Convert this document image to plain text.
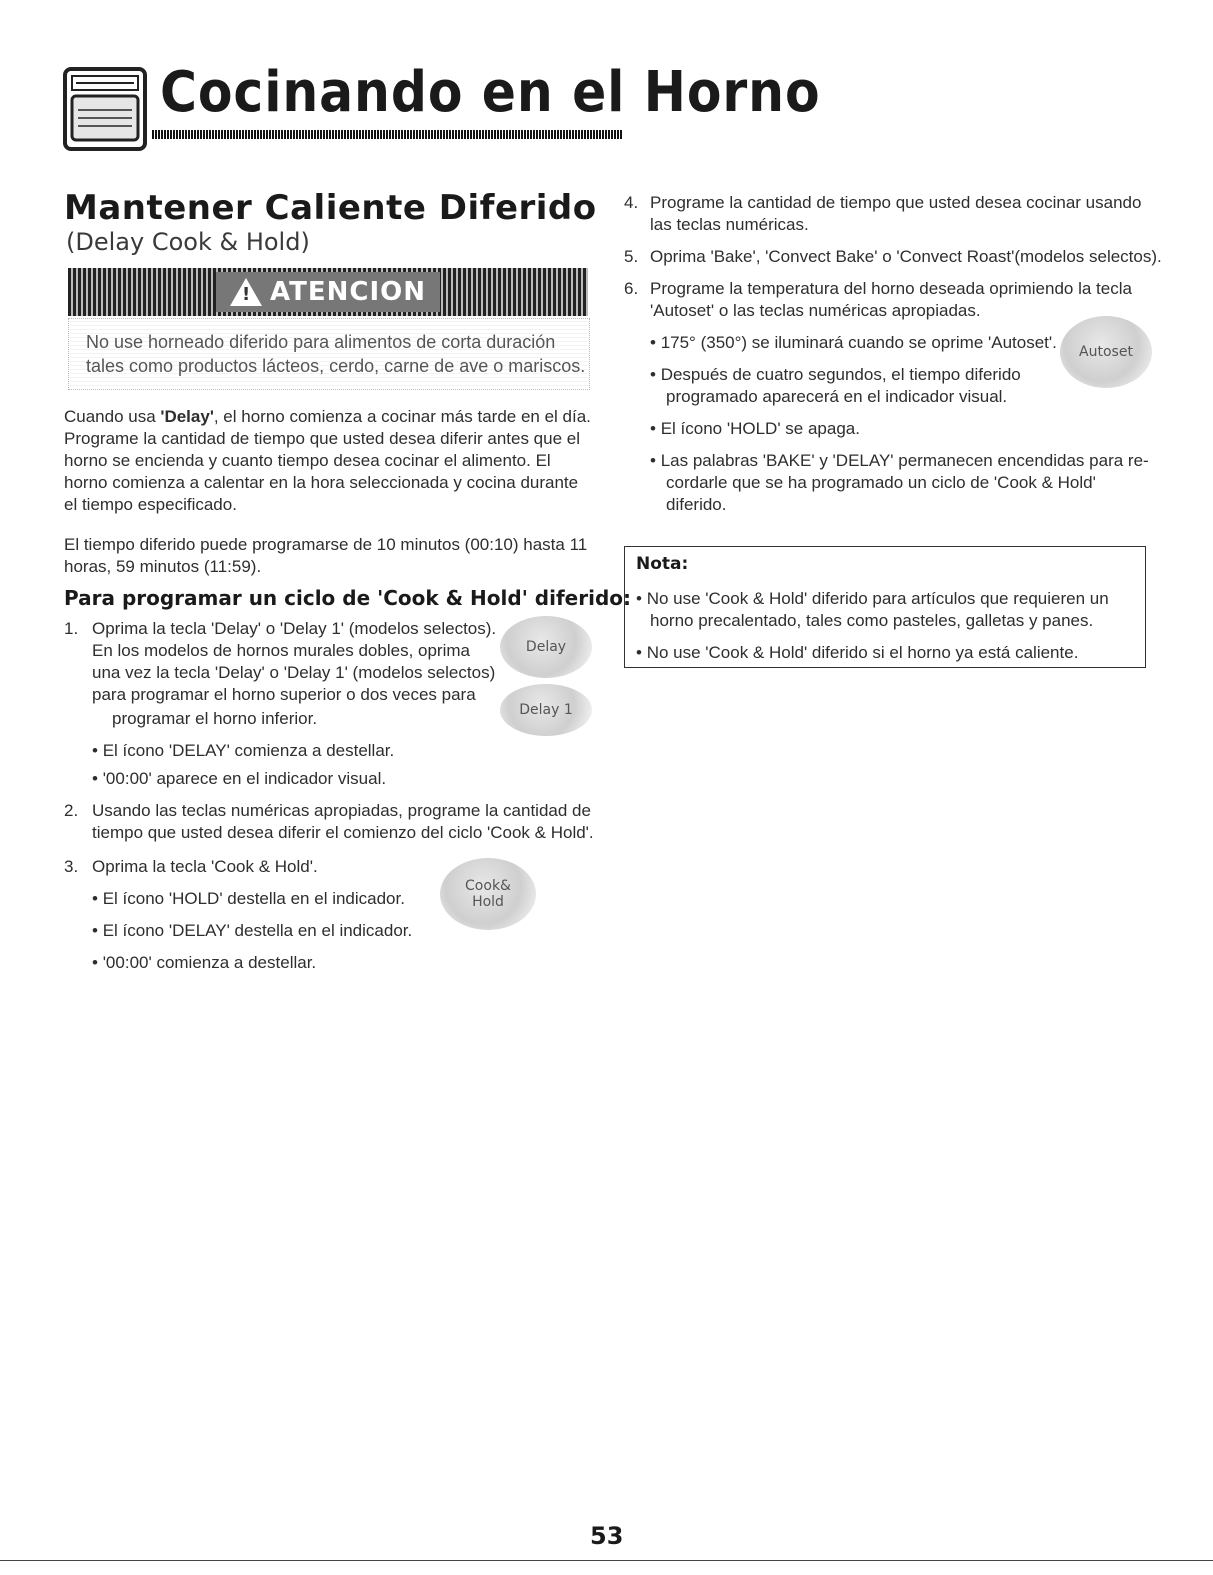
Cocinando en el Horno
Mantener Caliente Diferido
(Delay Cook & Hold)
! ATENCION
No use horneado diferido para alimentos de corta duración tales como productos lácteos, cerdo, carne de ave o mariscos.
Cuando usa 'Delay', el horno comienza a cocinar más tarde en el día. Programe la cantidad de tiempo que usted desea diferir antes que el horno se encienda y cuanto tiempo desea cocinar el alimento. El horno comienza a calentar en la hora seleccionada y cocina durante el tiempo especificado.
El tiempo diferido puede programarse de 10 minutos (00:10) hasta 11 horas, 59 minutos (11:59).
Para programar un ciclo de 'Cook & Hold' diferido:
1. Oprima la tecla 'Delay' o 'Delay 1' (modelos selectos).
En los modelos de hornos murales dobles, oprima
una vez la tecla 'Delay' o 'Delay 1' (modelos selectos)
para programar el horno superior o dos veces para
programar el horno inferior.
• El ícono 'DELAY' comienza a destellar.
• '00:00' aparece en el indicador visual.
Delay
Delay 1
2. Usando las teclas numéricas apropiadas, programe la cantidad de
tiempo que usted desea diferir el comienzo del ciclo 'Cook & Hold'.
3. Oprima la tecla 'Cook & Hold'.
• El ícono 'HOLD' destella en el indicador.
• El ícono 'DELAY' destella en el indicador.
• '00:00' comienza a destellar.
Cook&
Hold
4. Programe la cantidad de tiempo que usted desea cocinar usando
las teclas numéricas.
5. Oprima 'Bake', 'Convect Bake' o 'Convect Roast'(modelos selectos).
6. Programe la temperatura del horno deseada oprimiendo la tecla
'Autoset' o las teclas numéricas apropiadas.
• 175° (350°) se iluminará cuando se oprime 'Autoset'.
• Después de cuatro segundos, el tiempo diferido
programado aparecerá en el indicador visual.
• El ícono 'HOLD' se apaga.
• Las palabras 'BAKE' y 'DELAY' permanecen encendidas para re-
cordarle que se ha programado un ciclo de 'Cook & Hold'
diferido.
Autoset
Nota:
• No use 'Cook & Hold' diferido para artículos que requieren un
horno precalentado, tales como pasteles, galletas y panes.
• No use 'Cook & Hold' diferido si el horno ya está caliente.
53
